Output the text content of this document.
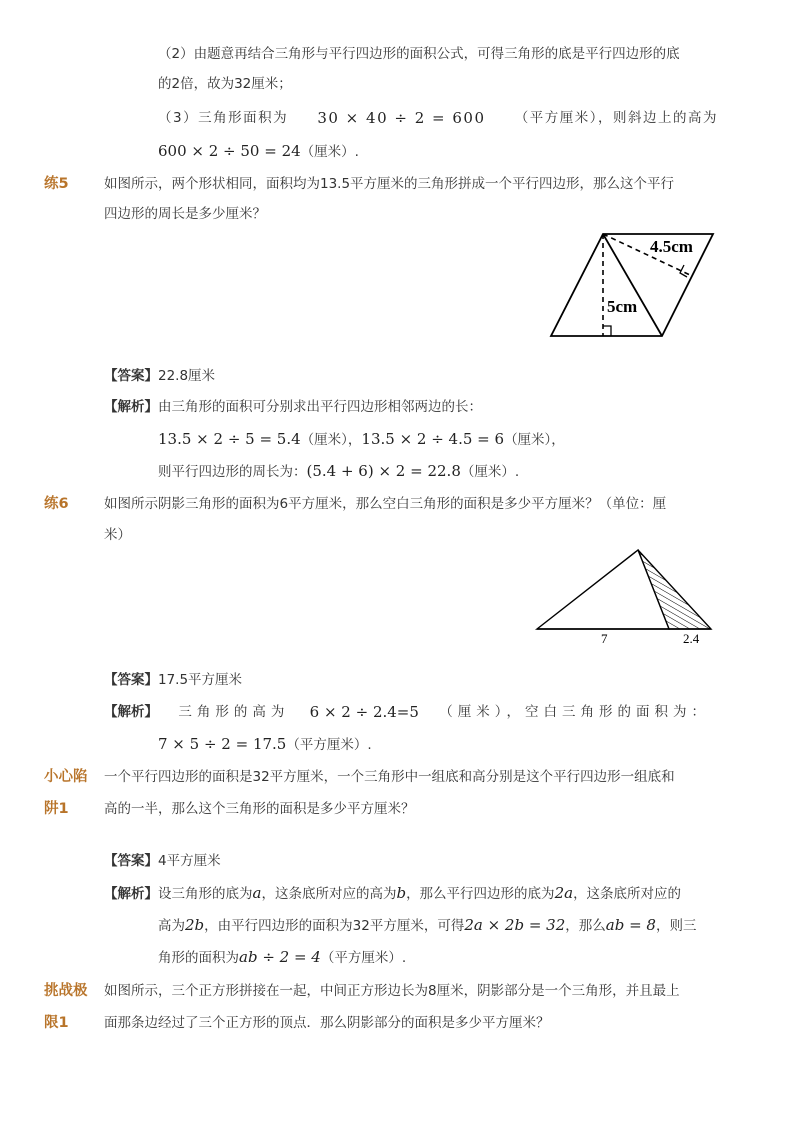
（2）由题意再结合三角形与平行四边形的面积公式，可得三角形的底是平行四边形的底
的2倍，故为32厘米；
（3）三角形面积为 30 × 40 ÷ 2 = 600 （平方厘米），则斜边上的高为
600 × 2 ÷ 50 = 24（厘米）.
练5	如图所示，两个形状相同，面积均为13.5平方厘米的三角形拼成一个平行四边形，那么这个平行
四边形的周长是多少厘米？
4.5cm
5cm
【答案】22.8厘米
【解析】由三角形的面积可分别求出平行四边形相邻两边的长：
13.5 × 2 ÷ 5 = 5.4（厘米），13.5 × 2 ÷ 4.5 = 6（厘米），
则平行四边形的周长为：(5.4 + 6) × 2 = 22.8（厘米）.
练6	如图所示阴影三角形的面积为6平方厘米，那么空白三角形的面积是多少平方厘米？（单位：厘
米）
7	2.4
【答案】17.5平方厘米
【解析】 三角形的高为 6 × 2 ÷ 2.4=5 （厘米），空白三角形的面积为：
7 × 5 ÷ 2 = 17.5（平方厘米）.
小心陷
阱1
一个平行四边形的面积是32平方厘米，一个三角形中一组底和高分别是这个平行四边形一组底和
高的一半，那么这个三角形的面积是多少平方厘米？
【答案】4平方厘米
【解析】设三角形的底为a，这条底所对应的高为b，那么平行四边形的底为2a，这条底所对应的
高为2b，由平行四边形的面积为32平方厘米，可得2a × 2b = 32，那么ab = 8，则三
角形的面积为ab ÷ 2 = 4（平方厘米）.
挑战极
限1
如图所示，三个正方形拼接在一起，中间正方形边长为8厘米，阴影部分是一个三角形，并且最上
面那条边经过了三个正方形的顶点．那么阴影部分的面积是多少平方厘米？
